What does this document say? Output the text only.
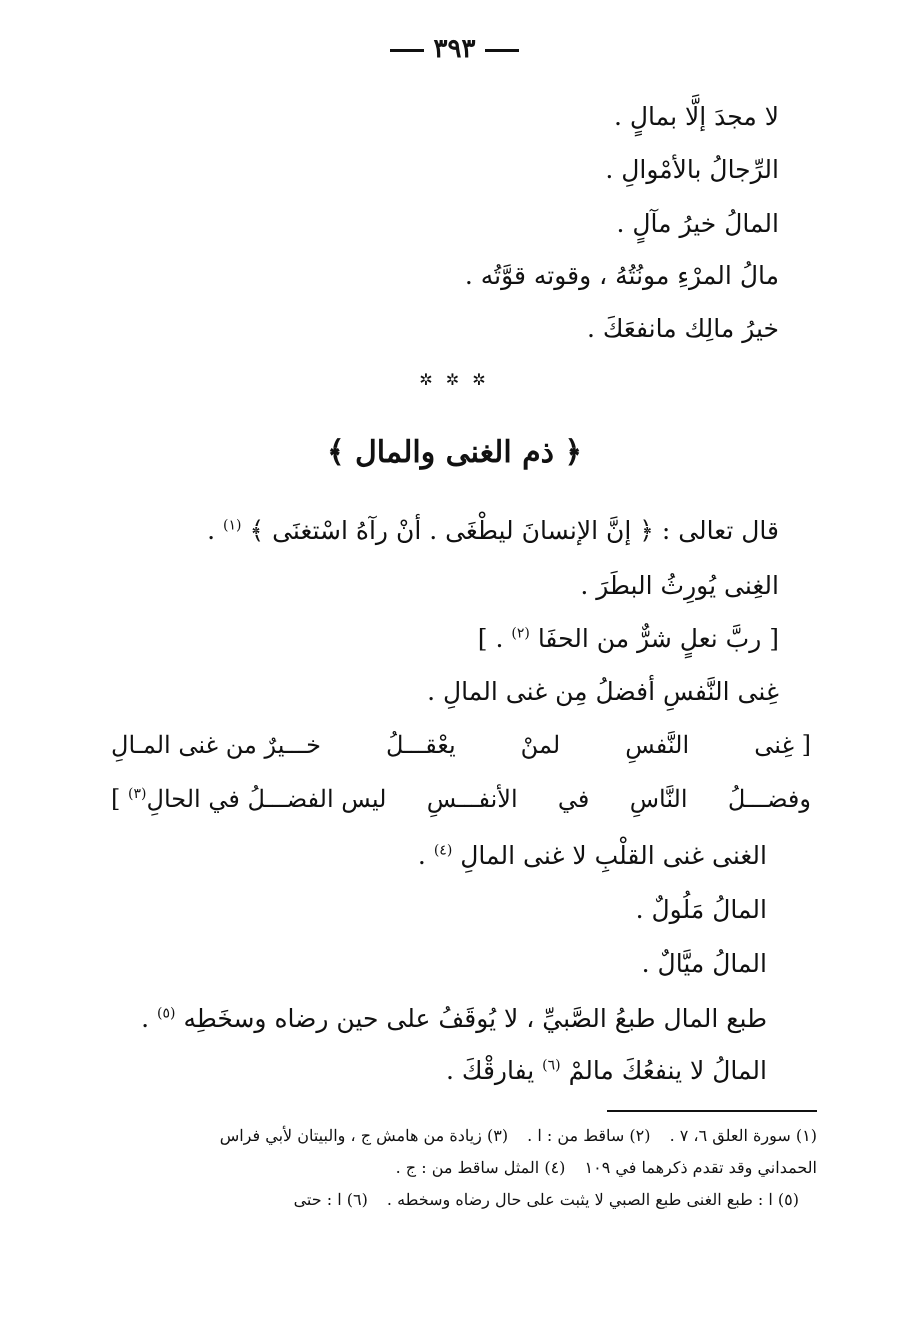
٣٩٣
لا مجدَ إلَّا بمالٍ .
الرِّجالُ بالأمْوالِ .
المالُ خيرُ مآلٍ .
مالُ المرْءِ مونُتُهُ ، وقوته قوَّتُه .
خيرُ مالِك مانفعَكَ .
✲ ✲ ✲
﴿ ذم الغنى والمال ﴾
قال تعالى : ﴿ إنَّ الإنسانَ ليطْغَى . أنْ رآهُ اسْتغنَى ﴾ $^{(١)}$ .
الغِنى يُورِثُ البطَرَ .
[ ربَّ نعلٍ شرٌّ من الحفَا $^{(٢)}$ . ]
غِنى النَّفسِ أفضلُ مِن غنى المالِ .
[ غِنى
النَّفسِ
لمنْ
يعْقـــلُ
خـــيرٌ من غنى المـالِ
وفضـــلُ
النَّاسِ
في
الأنفـــسِ
ليس الفضـــلُ في الحالِ$^{(٣)}$ ]
الغنى غنى القلْبِ لا غنى المالِ $^{(٤)}$ .
المالُ مَلُولٌ .
المالُ ميَّالٌ .
طبع المال طبعُ الصَّبيِّ ، لا يُوقَفُ على حين رضاه وسخَطِه $^{(٥)}$ .
المالُ لا ينفعُكَ مالمْ $^{(٦)}$ يفارقْكَ .
(١) سورة العلق ٦، ٧ . (٢) ساقط من : ا . (٣) زيادة من هامش ج ، والبيتان لأبي فراس
الحمداني وقد تقدم ذكرهما في ١٠٩ (٤) المثل ساقط من : ج .
(٥) ا : طبع الغنى طبع الصبي لا يثبت على حال رضاه وسخطه . (٦) ا : حتى
